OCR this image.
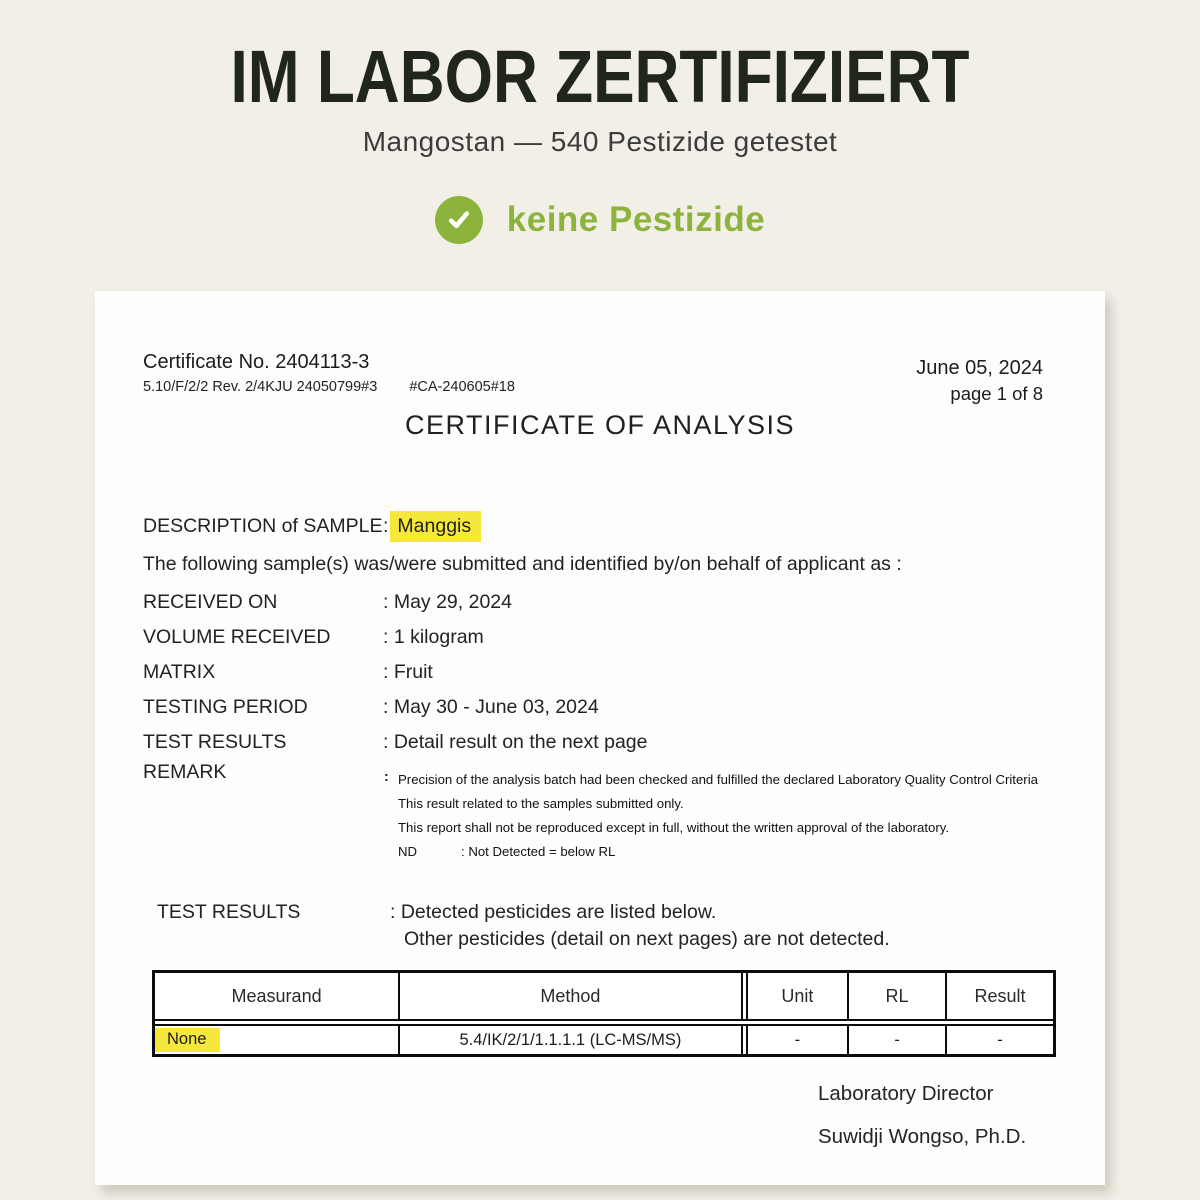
IM LABOR ZERTIFIZIERT
Mangostan — 540 Pestizide getestet
keine Pestizide
Certificate No. 2404113-3
5.10/F/2/2 Rev. 2/4KJU 24050799#3 #CA-240605#18
June 05, 2024
page 1 of 8
CERTIFICATE OF ANALYSIS
DESCRIPTION of SAMPLE: Manggis
The following sample(s) was/were submitted and identified by/on behalf of applicant as :
RECEIVED ON	: May 29, 2024
VOLUME RECEIVED	: 1 kilogram
MATRIX	: Fruit
TESTING PERIOD	: May 30 - June 03, 2024
TEST RESULTS	: Detail result on the next page
REMARK	: Precision of the analysis batch had been checked and fulfilled the declared Laboratory Quality Control Criteria
This result related to the samples submitted only.
This report shall not be reproduced except in full, without the written approval of the laboratory.
ND	: Not Detected = below RL
TEST RESULTS	: Detected pesticides are listed below.
Other pesticides (detail on next pages) are not detected.
Measurand	Method	Unit	RL	Result
None	5.4/IK/2/1/1.1.1.1 (LC-MS/MS)	-	-	-
Laboratory Director
Suwidji Wongso, Ph.D.
